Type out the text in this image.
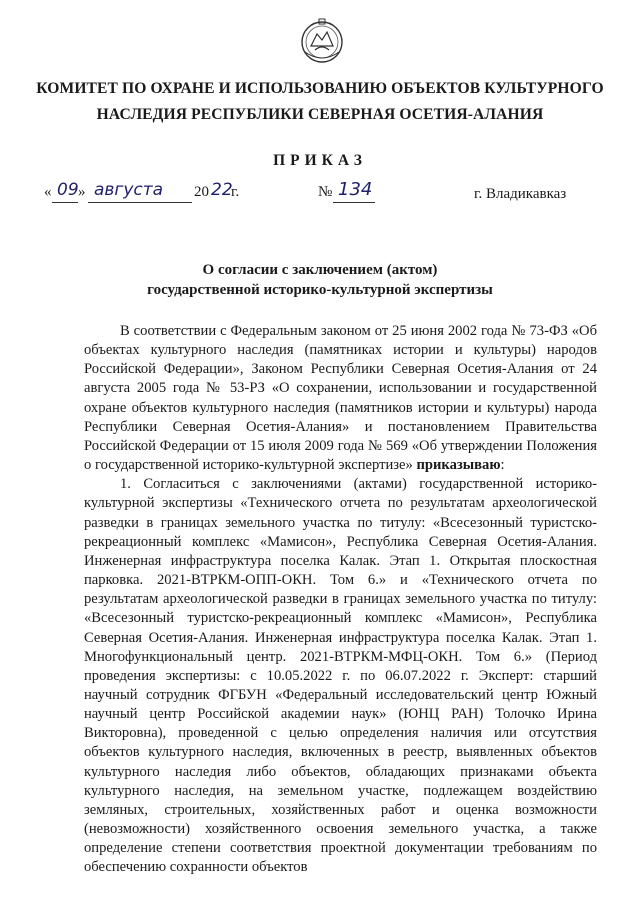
КОМИТЕТ ПО ОХРАНЕ И ИСПОЛЬЗОВАНИЮ ОБЪЕКТОВ КУЛЬТУРНОГО
НАСЛЕДИЯ РЕСПУБЛИКИ СЕВЕРНАЯ ОСЕТИЯ-АЛАНИЯ
ПРИКАЗ
« 09 » августа 20 22
г.	№ 134	г. Владикавказ
О согласии с заключением (актом)
государственной историко-культурной экспертизы

В соответствии с Федеральным законом от 25 июня 2002 года № 73-ФЗ «Об объектах культурного наследия (памятниках истории и культуры) народов Российской Федерации», Законом Республики Северная Осетия-Алания от 24 августа 2005 года № 53-РЗ «О сохранении, использовании и государственной охране объектов культурного наследия (памятников истории и культуры) народа Республики Северная Осетия-Алания» и постановлением Правительства Российской Федерации от 15 июля 2009 года № 569 «Об утверждении Положения о государственной историко-культурной экспертизе» приказываю:

1. Согласиться с заключениями (актами) государственной историко-культурной экспертизы «Технического отчета по результатам археологической разведки в границах земельного участка по титулу: «Всесезонный туристско-рекреационный комплекс «Мамисон», Республика Северная Осетия-Алания. Инженерная инфраструктура поселка Калак. Этап 1. Открытая плоскостная парковка. 2021-ВТРКМ-ОПП-ОКН. Том 6.» и «Технического отчета по результатам археологической разведки в границах земельного участка по титулу: «Всесезонный туристско-рекреационный комплекс «Мамисон», Республика Северная Осетия-Алания. Инженерная инфраструктура поселка Калак. Этап 1. Многофункциональный центр. 2021-ВТРКМ-МФЦ-ОКН. Том 6.» (Период проведения экспертизы: с 10.05.2022 г. по 06.07.2022 г. Эксперт: старший научный сотрудник ФГБУН «Федеральный исследовательский центр Южный научный центр Российской академии наук» (ЮНЦ РАН) Толочко Ирина Викторовна), проведенной с целью определения наличия или отсутствия объектов культурного наследия, включенных в реестр, выявленных объектов культурного наследия либо объектов, обладающих признаками объекта культурного наследия, на земельном участке, подлежащем воздействию земляных, строительных, хозяйственных работ и оценка возможности (невозможности) хозяйственного освоения земельного участка, а также определение степени соответствия проектной документации требованиям по обеспечению сохранности объектов
